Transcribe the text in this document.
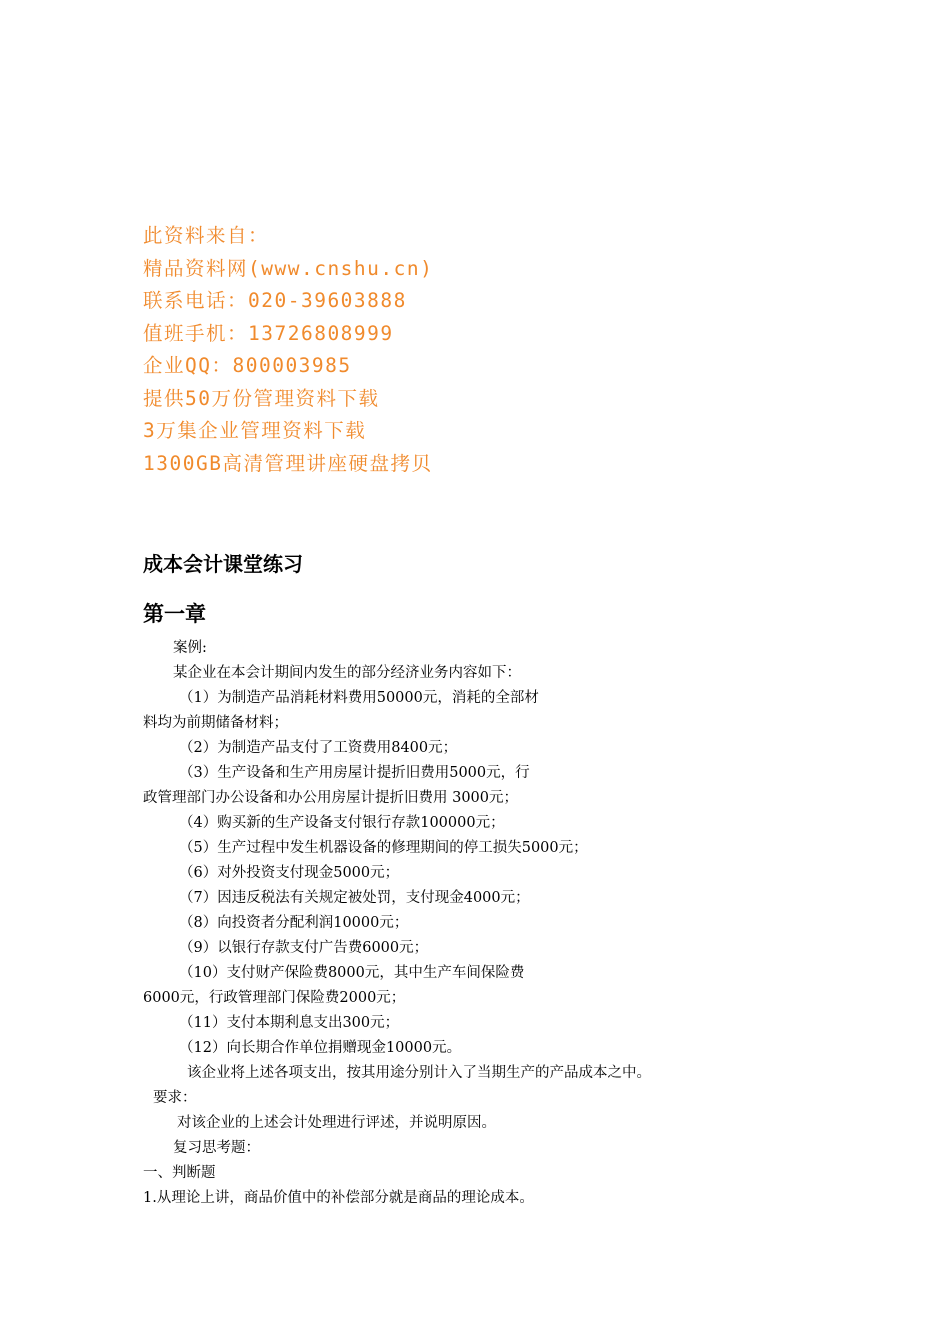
此资料来自：
精品资料网(www.cnshu.cn)
联系电话：020-39603888
值班手机：13726808999
企业QQ：800003985
提供50万份管理资料下载
3万集企业管理资料下载
1300GB高清管理讲座硬盘拷贝
成本会计课堂练习
第一章
案例:
某企业在本会计期间内发生的部分经济业务内容如下：
（1）为制造产品消耗材料费用50000元，消耗的全部材
料均为前期储备材料；
（2）为制造产品支付了工资费用8400元；
（3）生产设备和生产用房屋计提折旧费用5000元，行
政管理部门办公设备和办公用房屋计提折旧费用 3000元；
（4）购买新的生产设备支付银行存款100000元；
（5）生产过程中发生机器设备的修理期间的停工损失5000元；
（6）对外投资支付现金5000元；
（7）因违反税法有关规定被处罚，支付现金4000元；
（8）向投资者分配利润10000元；
（9）以银行存款支付广告费6000元；
（10）支付财产保险费8000元，其中生产车间保险费
6000元，行政管理部门保险费2000元；
（11）支付本期利息支出300元；
（12）向长期合作单位捐赠现金10000元。
该企业将上述各项支出，按其用途分别计入了当期生产的产品成本之中。
要求：
对该企业的上述会计处理进行评述，并说明原因。
复习思考题：
一、判断题
1.从理论上讲，商品价值中的补偿部分就是商品的理论成本。
